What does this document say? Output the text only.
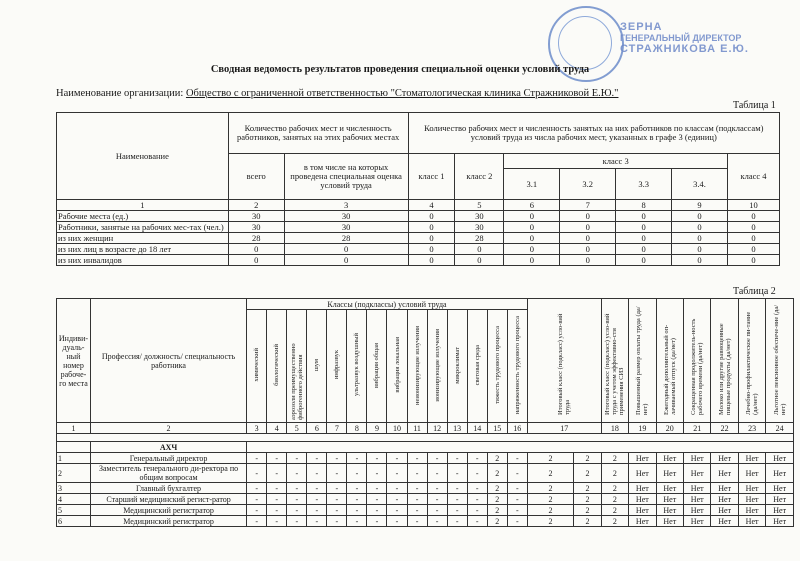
ЗЕРНА
ГЕНЕРАЛЬНЫЙ ДИРЕКТОР
СТРАЖНИКОВА Е.Ю.
Сводная ведомость результатов проведения специальной оценки условий труда
Наименование организации: Общество с ограниченной ответственностью "Стоматологическая клиника Стражниковой Е.Ю."
Таблица 1
Наименование	Количество рабочих мест и численность работников, занятых на этих рабочих местах		Количество рабочих мест и численность занятых на них работников по классам (подклассам) условий труда из числа рабочих мест, указанных в графе 3 (единиц)						
	всего	в том числе на которых проведена специальная оценка условий труда	класс 1	класс 2	класс 3				класс 4
					3.1	3.2	3.3	3.4.	
1	2	3	4	5	6	7	8	9	10
Рабочие места (ед.)	30	30	0	30	0	0	0	0	0
Работники, занятые на рабочих мес-тах (чел.)	30	30	0	30	0	0	0	0	0
из них женщин	28	28	0	28	0	0	0	0	0
из них лиц в возрасте до 18 лет	0	0	0	0	0	0	0	0	0
из них инвалидов	0	0	0	0	0	0	0	0	0
Таблица 2
Индиви-дуаль-ный номер рабоче-го места	Профессия/ должность/ специальность работника	Классы (подклассы) условий труда														Итоговый класс (подкласс) усло-вий труда		Итоговый класс (подкласс) усло-вий труда с учетом эффективно-сти применения СИЗ	Повышенный размер оплаты труда (да/нет)	Ежегодный дополнительный оп-лачиваемый отпуск (да/нет)	Сокращенная продолжитель-ность рабочего времени (да/нет)	Молоко или другие равноценные пищевые продукты (да/нет)	Лечебно-профилактическое пи-тание (да/нет)	Льготное пенсионное обеспече-ние (да/нет)
		химический	биологический	аэрозоли преимущественно фиброгенного действия	шум	инфразвук	ультразвук воздушный	вибрация общая	вибрация локальная	неионизирующие излучения	ионизирующие излучения	микроклимат	световая среда	тяжесть трудового процесса	напряженность трудового процесса									
1	2	3	4	5	6	7	8	9	10	11	12	13	14	15	16	17		18	19	20	21	22	23	24

	АХЧ																							
1	Генеральный директор	-	-	-	-	-	-	-	-	-	-	-	-	2	-	2	2	2	Нет	Нет	Нет	Нет	Нет	Нет
2	Заместитель генерального ди-ректора по общим вопросам	-	-	-	-	-	-	-	-	-	-	-	-	2	-	2	2	2	Нет	Нет	Нет	Нет	Нет	Нет
3	Главный бухгалтер	-	-	-	-	-	-	-	-	-	-	-	-	2	-	2	2	2	Нет	Нет	Нет	Нет	Нет	Нет
4	Старший медицинский регист-ратор	-	-	-	-	-	-	-	-	-	-	-	-	2	-	2	2	2	Нет	Нет	Нет	Нет	Нет	Нет
5	Медицинский регистратор	-	-	-	-	-	-	-	-	-	-	-	-	2	-	2	2	2	Нет	Нет	Нет	Нет	Нет	Нет
6	Медицинский регистратор	-	-	-	-	-	-	-	-	-	-	-	-	2	-	2	2	2	Нет	Нет	Нет	Нет	Нет	Нет
